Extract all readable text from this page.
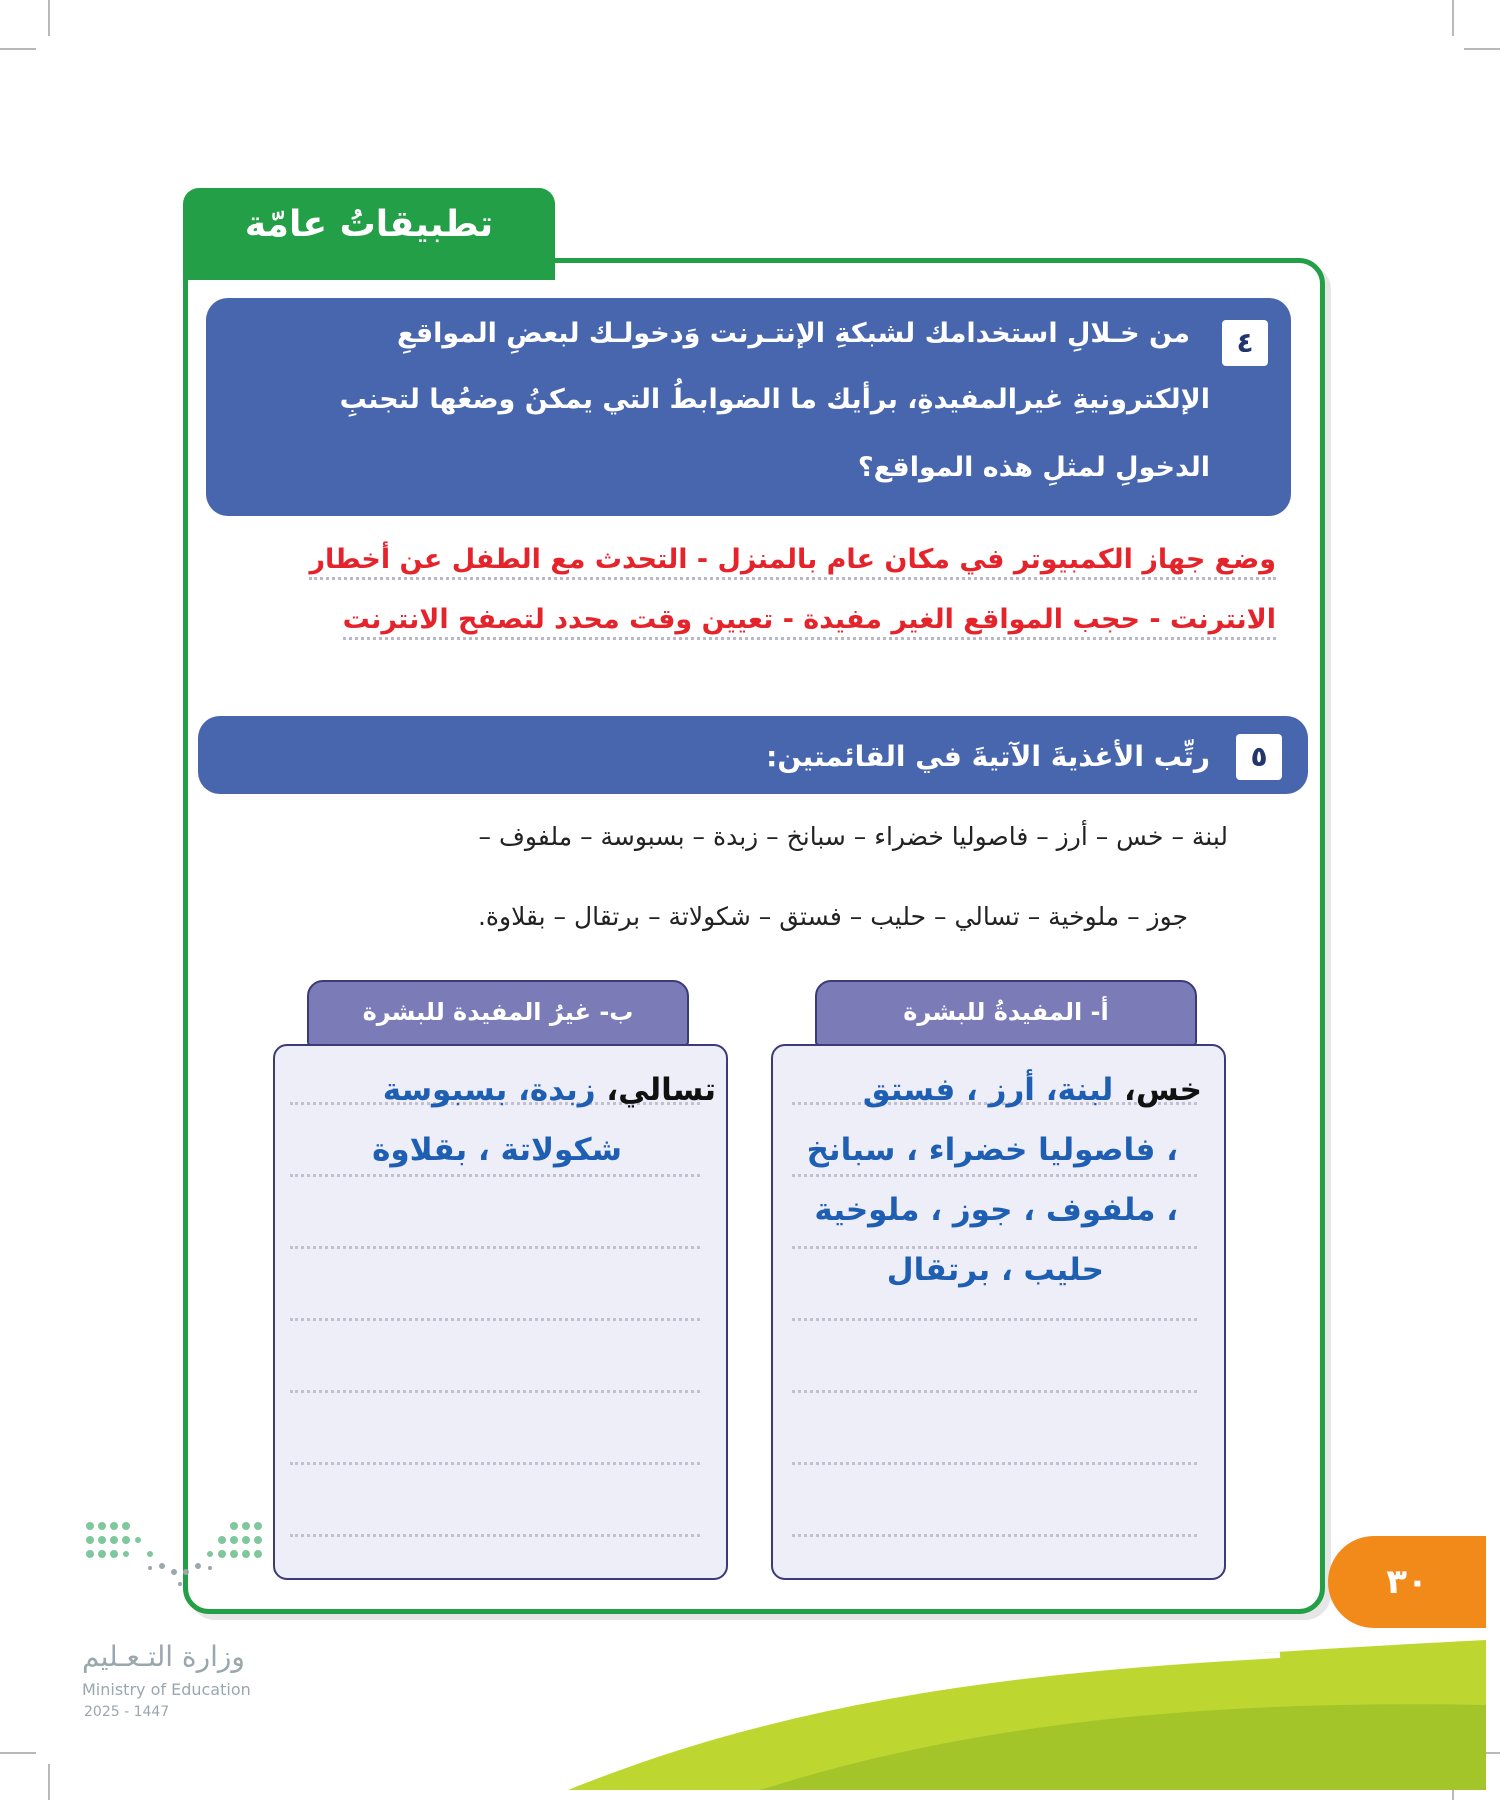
تطبيقاتُ عامّة
٤
من خـلالِ استخدامك لشبكةِ الإنتـرنت وَدخولـك لبعضِ المواقعِ
الإلكترونيةِ غيرالمفيدةِ، برأيك ما الضوابطُ التي يمكنُ وضعُها لتجنبِ
الدخولِ لمثلِ هذه المواقع؟
وضع جهاز الكمبيوتر في مكان عام بالمنزل - التحدث مع الطفل عن أخطار
الانترنت - حجب المواقع الغير مفيدة - تعيين وقت محدد لتصفح الانترنت
٥
رتِّب الأغذيةَ الآتيةَ في القائمتين:
لبنة – خس – أرز – فاصوليا خضراء – سبانخ – زبدة – بسبوسة – ملفوف –
جوز – ملوخية – تسالي – حليب – فستق – شكولاتة – برتقال – بقلاوة.
أ- المفيدةُ للبشرة
خس، لبنة، أرز ، فستق
، فاصوليا خضراء ، سبانخ
، ملفوف ، جوز ، ملوخية
حليب ، برتقال
ب- غيرُ المفيدة للبشرة
تسالي، زبدة، بسبوسة
شكولاتة ، بقلاوة
٣٠
وزارة التـعـليم
Ministry of Education
2025 - 1447
